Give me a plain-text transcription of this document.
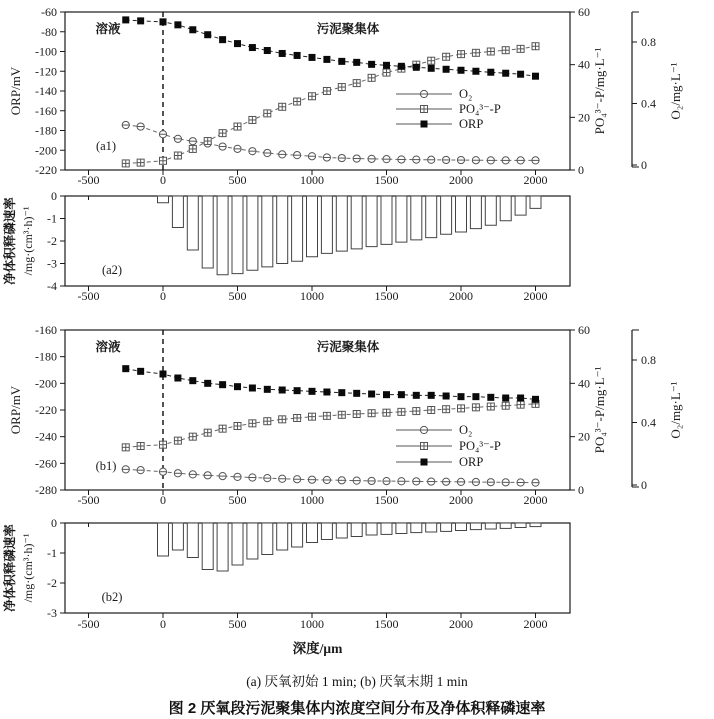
-60
-80
-100
-120
-140
-160
-180
-200
-220
ORP/mV
-500	0	500	1000	1500	2000	2000
0
20
40
60
PO₄³⁻-P/mg·L⁻¹
0
0.4
0.8
O₂/mg·L⁻¹
溶液	污泥聚集体
(a1)
O₂
PO₄³⁻-P
ORP
0
-1
-2
-3
-4
-500	0	500	1000	1500	2000	2000
(a2)
净体积释磷速率 /mg·(cm³·h)⁻¹
-160
-180
-200
-220
-240
-260
-280
ORP/mV
-500	0	500	1000	1500	2000	2000
0
20
40
60
PO₄³⁻-P/mg·L⁻¹
0
0.4
0.8
O₂/mg·L⁻¹
溶液	污泥聚集体
(b1)
O₂
PO₄³⁻-P
ORP
0
-1
-2
-3
-500	0	500	1000	1500	2000	2000
(b2)
净体积释磷速率 /mg·(cm³·h)⁻¹
深度/μm
(a) 厌氧初始 1 min; (b) 厌氧末期 1 min
图 2 厌氧段污泥聚集体内浓度空间分布及净体积释磷速率
